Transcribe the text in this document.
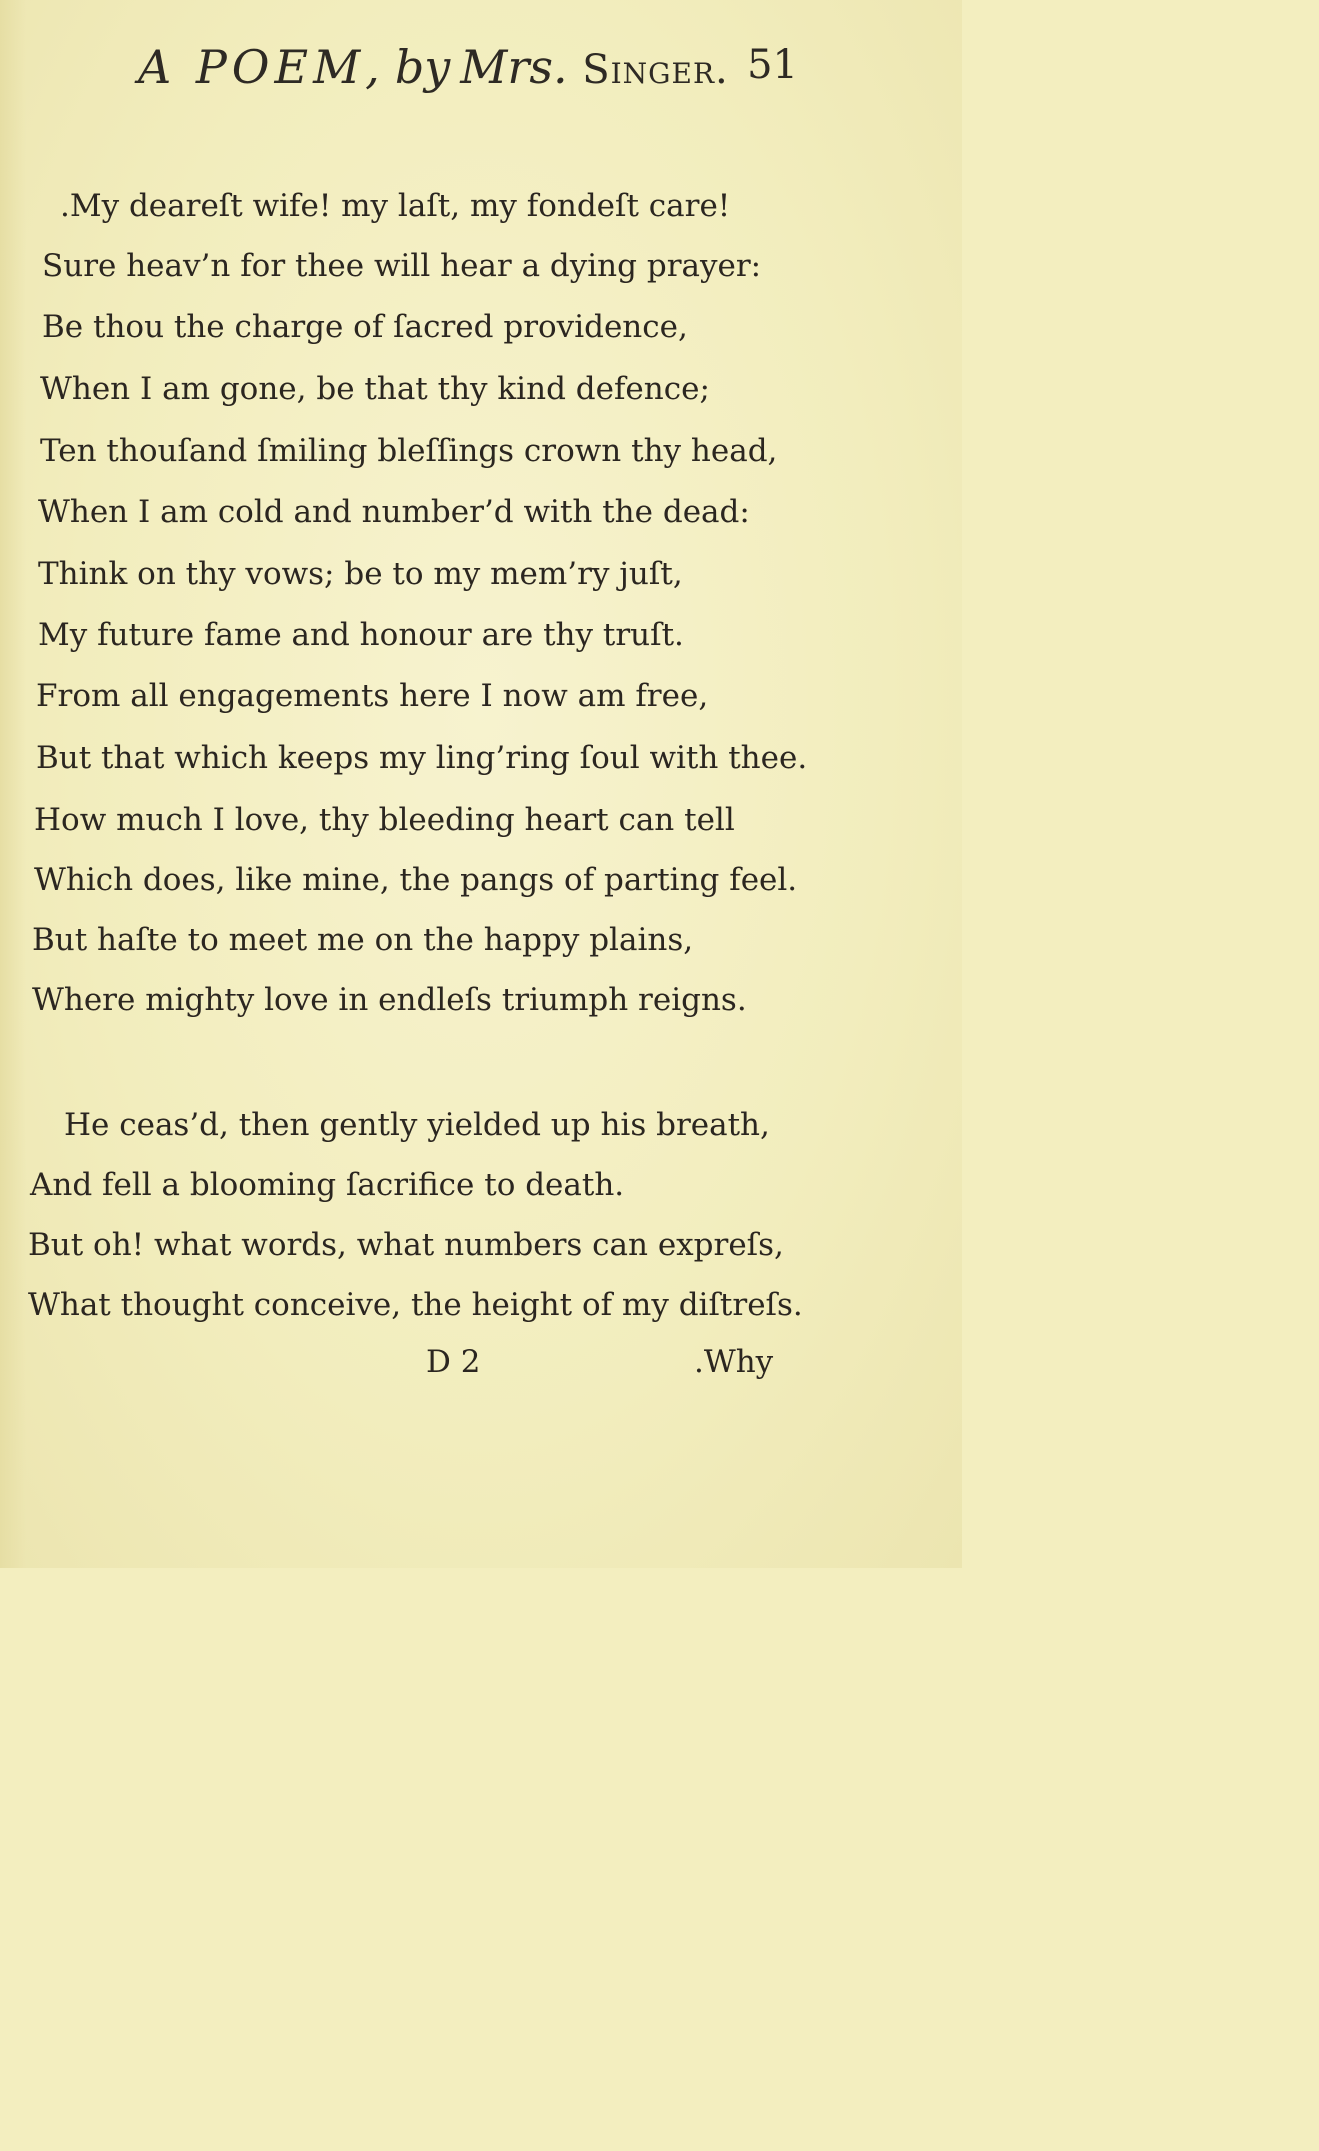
A POEM, by Mrs. Singer. 51
.My deareſt wife! my laſt, my fondeſt care!
Sure heav’n for thee will hear a dying prayer:
Be thou the charge of ſacred providence,
When I am gone, be that thy kind defence;
Ten thouſand ſmiling bleſſings crown thy head,
When I am cold and number’d with the dead:
Think on thy vows; be to my mem’ry juſt,
My future fame and honour are thy truſt.
From all engagements here I now am free,
But that which keeps my ling’ring ſoul with thee.
How much I love, thy bleeding heart can tell
Which does, like mine, the pangs of parting feel.
But haſte to meet me on the happy plains,
Where mighty love in endleſs triumph reigns.
He ceas’d, then gently yielded up his breath,
And fell a blooming ſacrifice to death.
But oh! what words, what numbers can expreſs,
What thought conceive, the height of my diſtreſs.
D 2	.Why
